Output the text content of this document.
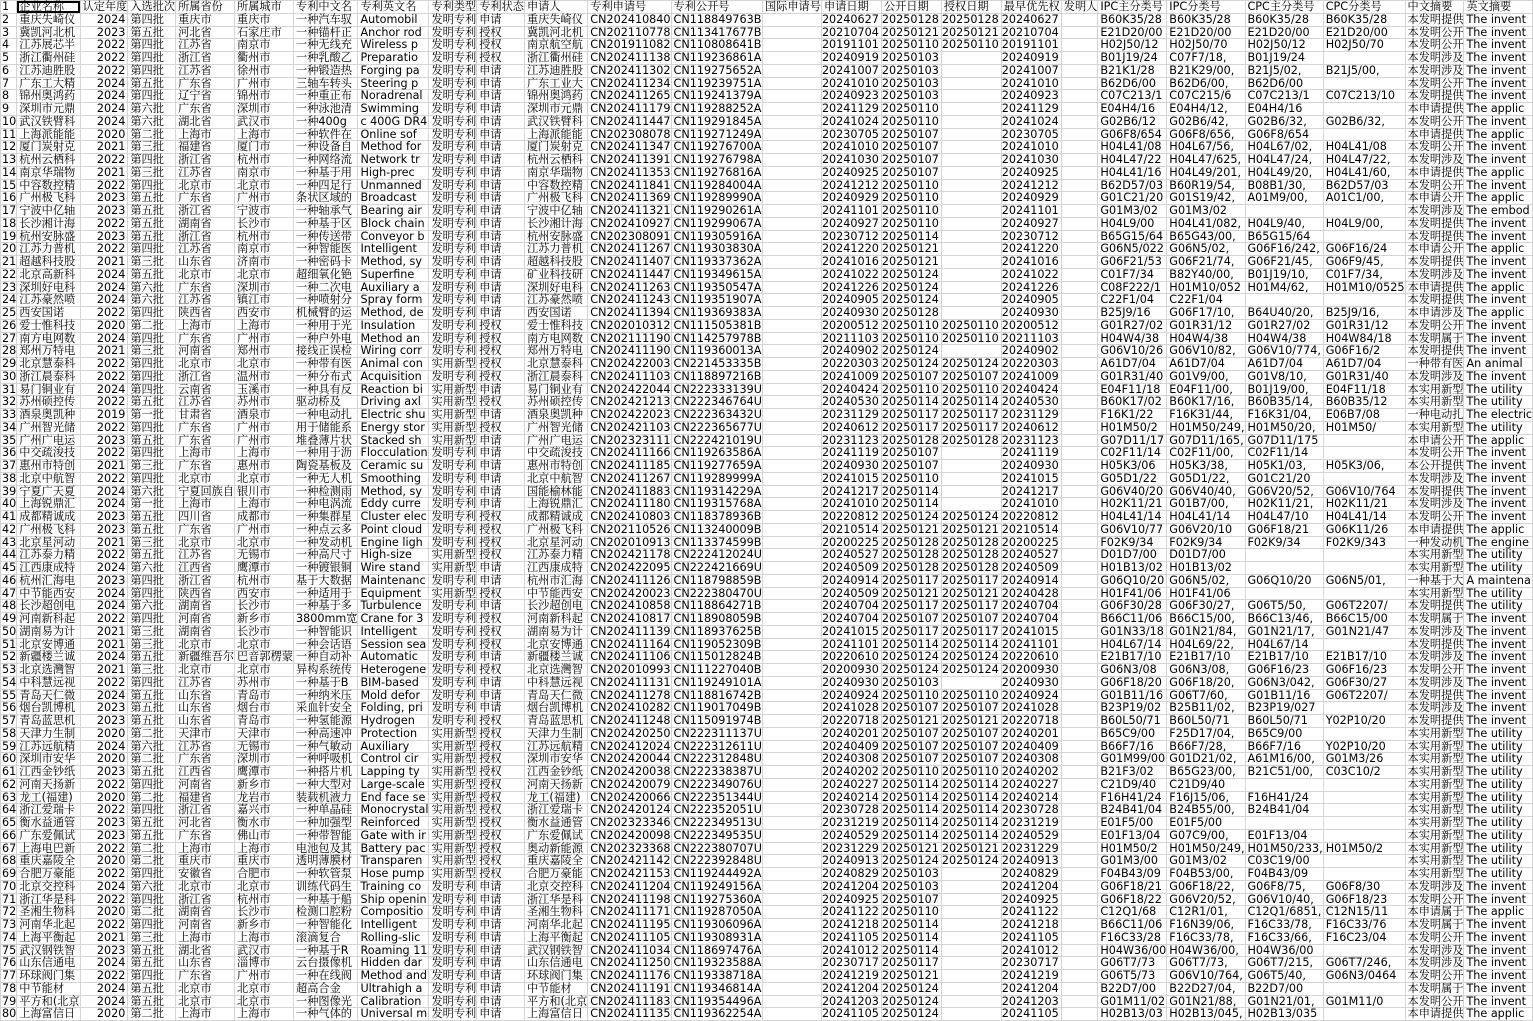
1	企业名称	认定年度	入选批次	所属省份	所属城市	专利中文名	专利英文名	专利类型	专利状态	申请人	专利申请号	专利公开号	国际申请号	申请日期	公开日期	授权日期	最早优先权	发明人	IPC主分类号	IPC分类号	CPC主分类号	CPC分类号	中文摘要	英文摘要
2	重庆失崎仪	2024	第四批	重庆市	重庆市	一种汽车驭	Automobil	发明专利	申请	重庆失崎仪	CN202410840	CN118849763B		20240627	20250128	20250128	20240627		B60K35/28	B60K35/28	B60K35/28	B60K35/28	本发明提供	The invent
3	冀凯河北机	2023	第五批	河北省	石家庄市	一种锚杆正	Anchor rod	发明专利	授权	冀凯河北机	CN202110778	CN113417677B		20210704	20250121	20250121	20210704		E21D20/00	E21D20/00	E21D20/00	E21D20/00	本发明公开	The invent
4	江苏展芯半	2022	第四批	江苏省	南京市	一种无线充	Wireless p	发明专利	授权	南京航空航	CN201911082	CN110808641B		20191101	20250110	20250110	20191101		H02J50/12	H02J50/70	H02J50/12	H02J50/70	本发明公开	The invent
5	浙江衢州硅	2022	第四批	浙江省	衢州市	一种乳酸乙	Preparatio	发明专利	授权	浙江衢州硅	CN202411138	CN119236861A		20240919	20250103		20240919		B01J19/24	C07F7/18,	B01J19/24		本发明涉及	The invent
6	江苏迪胜股	2022	第四批	江苏省	徐州市	一种锻造热	Forging pa	发明专利	申请	江苏迪胜股	CN202411302	CN119275652A		20241007	20250103		20241007		B21K1/28	B21K29/00,	B21J5/02,	B21J5/00,	本发明涉及	The invent
7	广东工大精	2024	第五批	广东省	广州市	三轴车转头	Steering p	发明专利	申请	广东工业大	CN202411234	CN119239751A		20241010	20250103		20241010		B62D6/00	B62D6/00,	B62D6/00		本发明公开	The invent
8	锦州奥鸿药	2024	第四批	辽宁省	锦州市	一种重正布	Noradrenal	发明专利	申请	锦州奥鸿药	CN202411265	CN119241379A		20240923	20250103		20240923		C07C213/1	C07C215/6	C07C213/1	C07C213/10	本发明提供	The invent
9	深圳市元鼎	2024	第六批	广东省	深圳市	一种泳池清	Swimming	发明专利	申请	深圳市元鼎	CN202411179	CN119288252A		20241129	20250110		20241129		E04H4/16	E04H4/12,	E04H4/16		本申请提供	The applic
10	武汉铁臂科	2024	第六批	湖北省	武汉市	一种400g	c 400G DR4	发明专利	申请	武汉铁臂科	CN202411447	CN119291845A		20241024	20250110		20241024		G02B6/12	G02B6/42,	G02B6/32,	G02B6/32,	本发明公开	The invent
11	上海派能能	2020	第二批	上海市	上海市	一种软件在	Online sof	发明专利	申请	上海派能能	CN202308078	CN119271249A		20230705	20250107		20230705		G06F8/654	G06F8/656,	G06F8/654		本申请提供	The applic
12	厦门炭射克	2021	第三批	福建省	厦门市	一种设备自	Method for	发明专利	申请	厦门炭射克	CN202411347	CN119276700A		20241010	20250107		20241010		H04L41/08	H04L67/56,	H04L67/02,	H04L41/08	本发明公开	The invent
13	杭州云栖科	2022	第四批	浙江省	杭州市	一种网络流	Network tr	发明专利	申请	杭州云栖科	CN202411391	CN119276798A		20241030	20250107		20241030		H04L47/22	H04L47/625,	H04L47/24,	H04L47/22,	本发明涉及	The invent
14	南京华瑞物	2021	第三批	江苏省	南京市	一种基于用	High-prec	发明专利	申请	南京华瑞物	CN202411353	CN119276816A		20240925	20250107		20240925		H04L41/16	H04L49/201,	H04L49/20,	H04L41/60,	本申请提供	The applic
15	中容数控精	2022	第四批	北京市	北京市	一种四足行	Unmanned	发明专利	申请	中容数控精	CN202411841	CN119284004A		20241212	20250110		20241212		B62D57/03	B60R19/54,	B08B1/30,	B62D57/03	本发明公开	The invent
16	广州极飞科	2023	第五批	广东省	广州市	条状区域的	Broadcast	发明专利	申请	广州极飞科	CN202411369	CN119289990A		20240929	20250110		20240929		G01C21/20	G01S19/42,	A01M9/00,	A01C1/00,	本申请公开	The applic
17	宁波中亿轴	2023	第五批	浙江省	宁波市	一种轴承气	Bearing air	发明专利	申请	宁波中亿轴	CN202411321	CN119290261A		20241101	20250110		20241101		G01M3/02	G01M3/02			本发明涉及	The embod
18	长沙湘计海	2022	第五批	湖南省	长沙市	一种基于区	Block chain	发明专利	申请	长沙湘计海	CN202410927	CN119299067A		20240927	20250110		20240927		H04L9/00	H04L41/082,	H04L9/40,	H04L9/00,	本发明提供	The invent
19	杭州安脉盛	2023	第五批	浙江省	杭州市	一种传送带	Conveyor b	发明专利	申请	杭州安脉盛	CN202308091	CN119305916A		20230712	20250114		20230712		B65G15/64	B65G43/00,	B65G15/64		本发明提供	The invent
20	江苏力普机	2022	第四批	江苏省	南京市	一种智能医	Intelligent	发明专利	申请	江苏力普机	CN202411267	CN119303830A		20241220	20250121		20241220		G06N5/022	G06N5/02,	G06F16/242,	G06F16/24	本申请公开	The applic
21	超越科技股	2021	第三批	山东省	济南市	一种密码卡	Method, sy	发明专利	申请	超越科技股	CN202411407	CN119337362A		20241016	20250121		20241016		G06F21/53	G06F21/74,	G06F21/45,	G06F9/45,	本发明提供	The invent
22	北京高新科	2024	第五批	北京市	北京市	超细氧化铯	Superfine	发明专利	申请	矿业科技研	CN202411447	CN119349615A		20241022	20250124		20241022		C01F7/34	B82Y40/00,	B01J19/10,	C01F7/34,	本发明涉及	The invent
23	深圳好电科	2024	第六批	广东省	深圳市	一种二次电	Auxiliary a	发明专利	申请	深圳好电科	CN202411263	CN119350547A		20241226	20250124		20241226		C08F222/1	H01M10/052	H01M4/62,	H01M10/0525	本申请提供	The applic
24	江苏豪然喷	2024	第六批	江苏省	镇江市	一种喷射分	Spray form	发明专利	申请	江苏豪然喷	CN202411243	CN119351907A		20240905	20250124		20240905		C22F1/04	C22F1/04			本发明提供	The invent
25	西安国诺	2022	第四批	陕西省	西安市	机械臂的运	Method, de	发明专利	申请	西安国诺	CN202411394	CN119369383A		20240930	20250128		20240930		B25J9/16	G06F17/10,	B64U40/20,	B25J9/16,	本申请涉及	The applic
26	爱士惟科技	2020	第二批	上海市	上海市	一种用于光	Insulation	发明专利	授权	爱士惟科技	CN202010312	CN111505381B		20200512	20250110	20250110	20200512		G01R27/02	G01R31/12	G01R27/02	G01R31/12	本发明公开	The invent
27	南方电网数	2024	第四批	广东省	广州市	一种户外电	Method an	发明专利	授权	南方电网数	CN202111190	CN114257978B		20211103	20250110	20250110	20211103		H04W4/38	H04W4/38	H04W4/38	H04W84/18	本发明属于	The invent
28	郑州万特电	2021	第三批	河南省	郑州市	接线正误检	Wiring corr	发明专利	授权	郑州万特电	CN202411190	CN119360013A		20240902	20250124		20240902		G06V10/26	G06V10/82,	G06V10/774,	G06F16/2	本发明提供	The invent
29	北京慧泰科	2022	第四批	北京市	北京市	一种带有医	Animal con	实用新型	授权	北京慧泰科	CN202422003	CN221453335B		20220303	20250124	20250124	20220303		A61D7/04	A61D7/04	A61D7/04	A61D7/04	一种带有医	An animal
30	浙江晨泰科	2022	第四批	浙江省	温州市	一种分布式	Acquisition	发明专利	授权	浙江晨泰科	CN202411103	CN118897216B		20241009	20250107	20250107	20241009		G01R31/40	G01V9/00,	G01V8/10,	G01R31/40	本发明涉及	The invent
31	易门铜业有	2024	第四批	云南省	玉溪市	一种具有反	Reaction bi	实用新型	申请	易门铜业有	CN202422044	CN222333139U		20240424	20250110	20250110	20240424		E04F11/18	E04F11/00,	B01J19/00,	E04F11/18	本实用新型	The utility
32	苏州硕控传	2022	第五批	江苏省	苏州市	驱动桥及	Driving axl	实用新型	授权	苏州硕控传	CN202421213	CN222346764U		20240530	20250114	20250114	20240530		B60K17/02	B60K17/16,	B60B35/14,	B60B35/12	本实用新型	The utility
33	酒泉奥凯种	2019	第一批	甘肃省	酒泉市	一种电动扎	Electric shu	实用新型	申请	酒泉奥凯种	CN202422023	CN222363432U		20231129	20250117	20250117	20231129		F16K1/22	F16K31/44,	F16K31/04,	E06B7/08	一种电动扎	The electric
34	广州智光储	2022	第四批	广东省	广州市	用于储能系	Energy stor	实用新型	授权	广州智光储	CN202421103	CN222365677U		20240612	20250117	20250117	20240612		H01M50/2	H01M50/249,	H01M50/20,	H01M50/	本实用新型	The utility
35	广州广电运	2023	第五批	广东省	广州市	堆叠薄片状	Stacked sh	实用新型	申请	广州广电运	CN202323111	CN222421019U		20231123	20250128	20250128	20231123		G07D11/17	G07D11/165,	G07D11/175		本申请公开	The applic
36	中交疏浚技	2022	第四批	上海市	上海市	一种用于沥	Flocculation	发明专利	申请	中交疏浚技	CN202411166	CN119263586A		20241119	20250107		20241119		C02F11/14	C02F11/00,	C02F11/14		本发明公开	The invent
37	惠州市特创	2021	第三批	广东省	惠州市	陶瓷基板及	Ceramic su	发明专利	申请	惠州市特创	CN202411185	CN119277659A		20240930	20250107		20240930		H05K3/06	H05K3/38,	H05K1/03,	H05K3/06,	本公开提供	The invent
38	北京中航智	2022	第四批	北京市	北京市	一种无人机	Smoothing	发明专利	申请	北京中航智	CN202411267	CN119289999A		20241015	20250110		20241015		G05D1/22	G05D1/22,	G01C21/20		本发明涉及	The invent
39	宁夏广天夏	2024	第六批	宁夏回族自	银川市	一种检测雨	Method, sy	发明专利	申请	国能榆林能	CN202411883	CN119314229A		20241217	20250114		20241217		G06V40/20	G06V40/40,	G06V20/52,	G06V10/764	本发明提供	The invent
40	上海锐鼎汇	2024	第一批	上海市	上海市	一种电涡流	Eddy curre	发明专利	申请	上海锐鼎汇	CN202411180	CN119315768A		20241010	20250114		20241010		H02K11/21	G01B7/00,	H02K11/21,	H02K11/21	本发明涉及	The invent
41	成都精诚成	2023	第五批	四川省	成都市	一种集群星	Cluster elec	发明专利	授权	成都精诚成	CN202410803	CN118378936B		20220812	20250124	20250124	20220812		H04L41/14	H04L41/14	H04L47/10	H04L41/14	本发明公开	The invent
42	广州极飞科	2023	第五批	广东省	广州市	一种点云多	Point cloud	发明专利	授权	广州极飞科	CN202110526	CN113240009B		20210514	20250121	20250121	20210514		G06V10/77	G06V20/10	G06F18/21	G06K11/26	本申请提供	The applic
43	北京星河动	2021	第三批	北京市	北京市	一种发动机	Engine ligh	发明专利	授权	北京星河动	CN202010913	CN113374599B		20200225	20250128	20250128	20200225		F02K9/34	F02K9/34	F02K9/34	F02K9/343	一种发动机	The engine
44	江苏泰力精	2022	第五批	江苏省	无锡市	一种高尺寸	High-size	实用新型	授权	江苏泰力精	CN202421178	CN222412024U		20240527	20250128	20250128	20240527		D01D7/00	D01D7/00			本实用新型	The utility
45	江西康成特	2024	第六批	江西省	鹰潭市	一种镀银铜	Wire stand	实用新型	申请	江西康成特	CN202422095	CN222421669U		20240509	20250128	20250128	20240509		H01B13/02	H01B13/02			本实用新型	The utility
46	杭州汇海电	2023	第四批	浙江省	杭州市	基于大数据	Maintenanc	发明专利	申请	杭州市汇海	CN202411126	CN118798859B		20240914	20250117	20250117	20240914		G06Q10/20	G06N5/02,	G06Q10/20	G06N5/01,	一种基于大	A maintena
47	中节能西安	2024	第四批	陕西省	西安市	一种适用于	Equipment	实用新型	授权	中节能西安	CN202420023	CN222380470U		20240509	20250121	20250121	20240428		H01F41/06	H01F41/06			本实用新型	The utility
48	长沙超创电	2024	第六批	湖南省	长沙市	一种基于多	Turbulence	发明专利	申请	长沙超创电	CN202410858	CN118864271B		20240704	20250117	20250117	20240704		G06F30/28	G06F30/27,	G06T5/50,	G06T2207/	本发明提供	The utility
49	河南新科起	2022	第四批	河南省	新乡市	3800mm宽	Crane for 3	发明专利	授权	河南新科起	CN202410817	CN118908059B		20240704	20250107	20250107	20240704		B66C11/06	B66C15/00,	B66C13/46,	B66C15/00	本发明属于	The invent
50	湖南易为计	2021	第三批	湖南省	长沙市	一种智能识	Intelligent	发明专利	授权	湖南易为计	CN202411139	CN118937625B		20241015	20250117	20250117	20241015		G01N33/18	G01N21/84,	G01N21/17,	G01N21/47	本发明涉及	The invent
51	北京安博通	2021	第三批	北京市	北京市	一种会话语	Session sea	发明专利	授权	北京安博通	CN202411164	CN119052309B		20241101	20250114	20250114	20241101		H04L67/14	H04L69/22,	H04L67/14		本发明提供	The invent
52	新疆楼兰诚	2024	第五批	新疆维吾尔	巴音郭楞蒙	一种自动补	Automatic	发明专利	申请	新疆楼兰诚	CN202411106	CN115012824B		20220610	20250124	20250124	20220610		E21B17/10	E21B17/10	E21B17/10	E21B17/10	本发明涉及	The invent
53	北京选灣智	2021	第三批	北京市	北京市	异构系统传	Heterogene	发明专利	授权	北京选灣智	CN202010993	CN111227040B		20200930	20250124	20250124	20200930		G06N3/08	G06N3/08,	G06F16/23	G06F16/23	本发明公开	The invent
54	中科慧远视	2022	第四批	江苏省	苏州市	一种基于B	BIM-based	发明专利	申请	中科慧远视	CN202411131	CN119249101A		20240930	20250103		20240930		G06F18/20	G06F18/20,	G06N3/042,	G06F30/27	本发明涉及	The invent
55	青岛天仁微	2024	第五批	山东省	青岛市	一种纳米压	Mold defor	发明专利	申请	青岛天仁微	CN202411278	CN118816742B		20240924	20250110	20250110	20240924		G01B11/16	G06T7/60,	G01B11/16	G06T2207/	本发明提供	The invent
56	烟台凯博机	2023	第五批	山东省	烟台市	采血针安全	Folding, pri	发明专利	申请	烟台凯博机	CN202410282	CN119017049B		20241028	20250107	20250107	20241028		B23P19/02	B25B11/02,	B23P19/027		本发明涉及	The invent
57	青岛蓝思机	2023	第五批	山东省	青岛市	一种氢能源	Hydrogen	发明专利	授权	青岛蓝思机	CN202411248	CN115091974B		20220718	20250121	20250121	20220718		B60L50/71	B60L50/71	B60L50/71	Y02P10/20	本发明提供	The invent
58	天津力生制	2020	第二批	天津市	天津市	一种高速冲	Protection	实用新型	授权	天津力生制	CN202420250	CN222311137U		20240201	20250107	20250107	20240201		B65C9/00	F25D17/04,	B65C9/00		本实用新型	The utility
59	江苏远航精	2024	第六批	江苏省	无锡市	一种气敏动	Auxiliary	实用新型	授权	江苏远航精	CN202412024	CN222312611U		20240409	20250107	20250107	20240409		B66F7/16	B66F7/28,	B66F7/16	Y02P10/20	本实用新型	The utility
60	深圳市安华	2020	第二批	广东省	深圳市	一种呼吸机	Control cir	实用新型	授权	深圳市安华	CN202420044	CN222312848U		20240308	20250107	20250107	20240308		G01M99/00	G01D21/02,	A61M16/00,	G01M3/26	本实用新型	The utility
61	江西金钞纸	2023	第五批	江西省	鹰潭市	一种搭片机	Lapping ty	实用新型	授权	江西金钞纸	CN202420038	CN222338387U		20240202	20250110	20250110	20240202		B21F3/02	B65G23/00,	B21C51/00,	C03C10/2	本实用新型	The utility
62	河南天扬新	2022	第四批	河南省	新乡市	一种大型对	Large-scale	实用新型	授权	河南天扬新	CN202420079	CN222349076U		20240227	20250114	20250114	20240227		C21D9/40	C21D9/40			本实用新型	The utility
63	龙工(福建)	2020	第二批	福建省	龙岩市	装载机液力	End face se	实用新型	授权	龙工(福建)	CN202420066	CN222351344U		20240214	20250114	20250114	20240214		F16H41/24	F16J15/06,	F16H41/24		本实用新型	The utility
64	浙江爱瑞卡	2022	第四批	浙江省	嘉兴市	一种单晶硅	Monocrystal	实用新型	授权	浙江爱瑞卡	CN202420124	CN222352051U		20230728	20250114	20250114	20230728		B24B41/04	B24B55/00,	B24B41/04		本实用新型	The utility
65	衡水益通管	2023	第五批	河北省	衡水市	一种加强型	Reinforced	实用新型	授权	衡水益通管	CN202323346	CN222349513U		20231219	20250114	20250114	20231219		E01F5/00	E01F5/00			本实用新型	The utility
66	广东爱佩试	2023	第五批	广东省	佛山市	一种带智能	Gate with ir	实用新型	授权	广东爱佩试	CN202420098	CN222349535U		20240529	20250114	20250114	20240529		E01F13/04	G07C9/00,	E01F13/04		本实用新型	The utility
67	上海电巴新	2022	第二批	上海市	上海市	电池包及其	Battery pac	实用新型	授权	奥动新能源	CN202323368	CN222380707U		20231229	20250121	20250121	20231229		H01M50/2	H01M50/249,	H01M50/233,	H01M50/2	本实用新型	The utility
68	重庆嘉陵全	2020	第二批	重庆市	重庆市	透明薄膜材	Transparen	实用新型	授权	重庆嘉陵全	CN202421142	CN222392848U		20240913	20250124	20250124	20240913		G01M3/00	G01M3/02	C03C19/00		本实用新型	The utility
69	合肥万豪能	2022	第四批	安徽省	合肥市	一种软管泵	Hose pump	实用新型	授权	合肥万豪能	CN202421153	CN119244492A		20240829	20250103		20240829		F04B43/09	F04B53/00,	F04B43/09		本实用新型	The utility
70	北京交控科	2024	第六批	北京市	北京市	训练代码生	Training co	发明专利	申请	北京交控科	CN202411204	CN119249156A		20241204	20250103		20241204		G06F18/21	G06F18/22,	G06F8/75,	G06F8/30	本发明涉及	The invent
71	浙江华是科	2022	第四批	浙江省	杭州市	一种基于船	Ship openin	发明专利	申请	浙江华是科	CN202411198	CN119275360A		20240925	20250107		20240925		G06F18/22	G06V20/52,	G06V10/40,	G06F18/23	本发明公开	The invent
72	圣湘生物科	2020	第二批	湖南省	长沙市	检测口腔粉	Compositio	发明专利	申请	圣湘生物科	CN202411171	CN119287050A		20241122	20250110		20241122		C12Q1/68	C12R1/01,	C12Q1/6851,	C12N15/11	本申请属于	The applic
73	河南华北起	2022	第四批	河南省	新乡市	一种智能化	Intelligent	发明专利	申请	河南华北起	CN202411195	CN119306096A		20241218	20250114		20241218		B66C11/06	F16N39/06,	F16C33/78,	F16C33/76	本发明属于	The invent
74	上海平衡起	2021	第三批	上海市	上海市	滚滴复合	Rolling-slic	发明专利	申请	上海平衡起	CN202411105	CN119308931A		20241105	20250114		20241105		F16C33/28	F16C33/78,	F16C33/66,	F16C23/04	本发明公开	The invent
75	武汉钢铁智	2023	第五批	湖北省	武汉市	一种基于R	Roaming 11	发明专利	申请	武汉钢铁智	CN202411034	CN118697476A		20241012	20250114		20241012		H04W36/00	H04W36/00,	H04W36/00		本发明涉及	The invent
76	山东信通电	2024	第五批	山东省	淄博市	云台摄像机	Hidden dar	发明专利	申请	山东信通电	CN202411250	CN119323588A		20230717	20250117		20230717		G06T7/73	G06T7/73,	G06T7/215,	G06T7/246,	本发明涉及	The invent
77	环球阀门集	2022	第四批	广东省	广州市	一种在线阀	Method and	发明专利	申请	环球阀门集	CN202411176	CN119338718A		20241219	20250121		20241219		G06T5/73	G06V10/764,	G06T5/40,	G06N3/0464	本发明公开	The invent
78	中节能材	2024	第五批	北京市	北京市	超高合金	Ultrahigh a	发明专利	申请	中节能材	CN202411191	CN119346814A		20241204	20250124		20241204		B22D7/00	B22D27/04,	B22D7/00		本发明属于	The invent
79	平方和(北京	2024	第五批	北京市	北京市	一种图像光	Calibration	发明专利	申请	平方和(北京	CN202411183	CN119354496A		20241203	20250124		20241203		G01M11/02	G01N21/88,	G01N21/01,	G01M11/0	本发明公开	The invent
80	上海富信日	2020	第二批	上海市	上海市	一种气体的	Universal m	发明专利	申请	上海富信日	CN202411135	CN119362254A		20241105	20250124		20241105		H02B13/03	H02B13/045,	H02B13/035		本申请提供	The applic
